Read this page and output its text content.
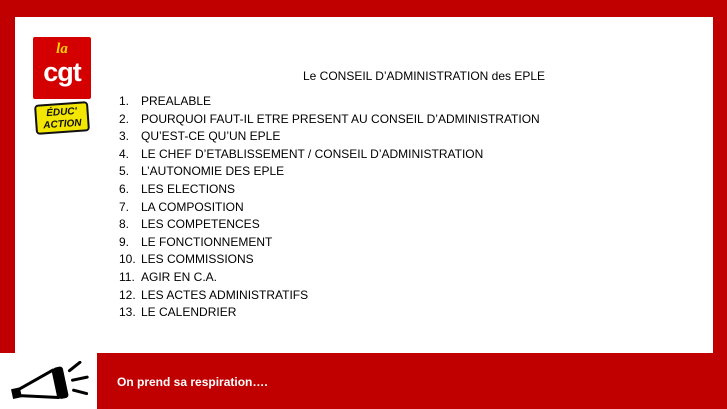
la
cgt
ÉDUC'
ACTION
Le CONSEIL D’ADMINISTRATION des EPLE
1. PREALABLE
2. POURQUOI FAUT-IL ETRE PRESENT AU CONSEIL D’ADMINISTRATION
3. QU’EST-CE QU’UN EPLE
4. LE CHEF D’ETABLISSEMENT / CONSEIL D’ADMINISTRATION
5. L’AUTONOMIE DES EPLE
6. LES ELECTIONS
7. LA COMPOSITION
8. LES COMPETENCES
9. LE FONCTIONNEMENT
10. LES COMMISSIONS
11. AGIR EN C.A.
12. LES ACTES ADMINISTRATIFS
13. LE CALENDRIER
On prend sa respiration….
